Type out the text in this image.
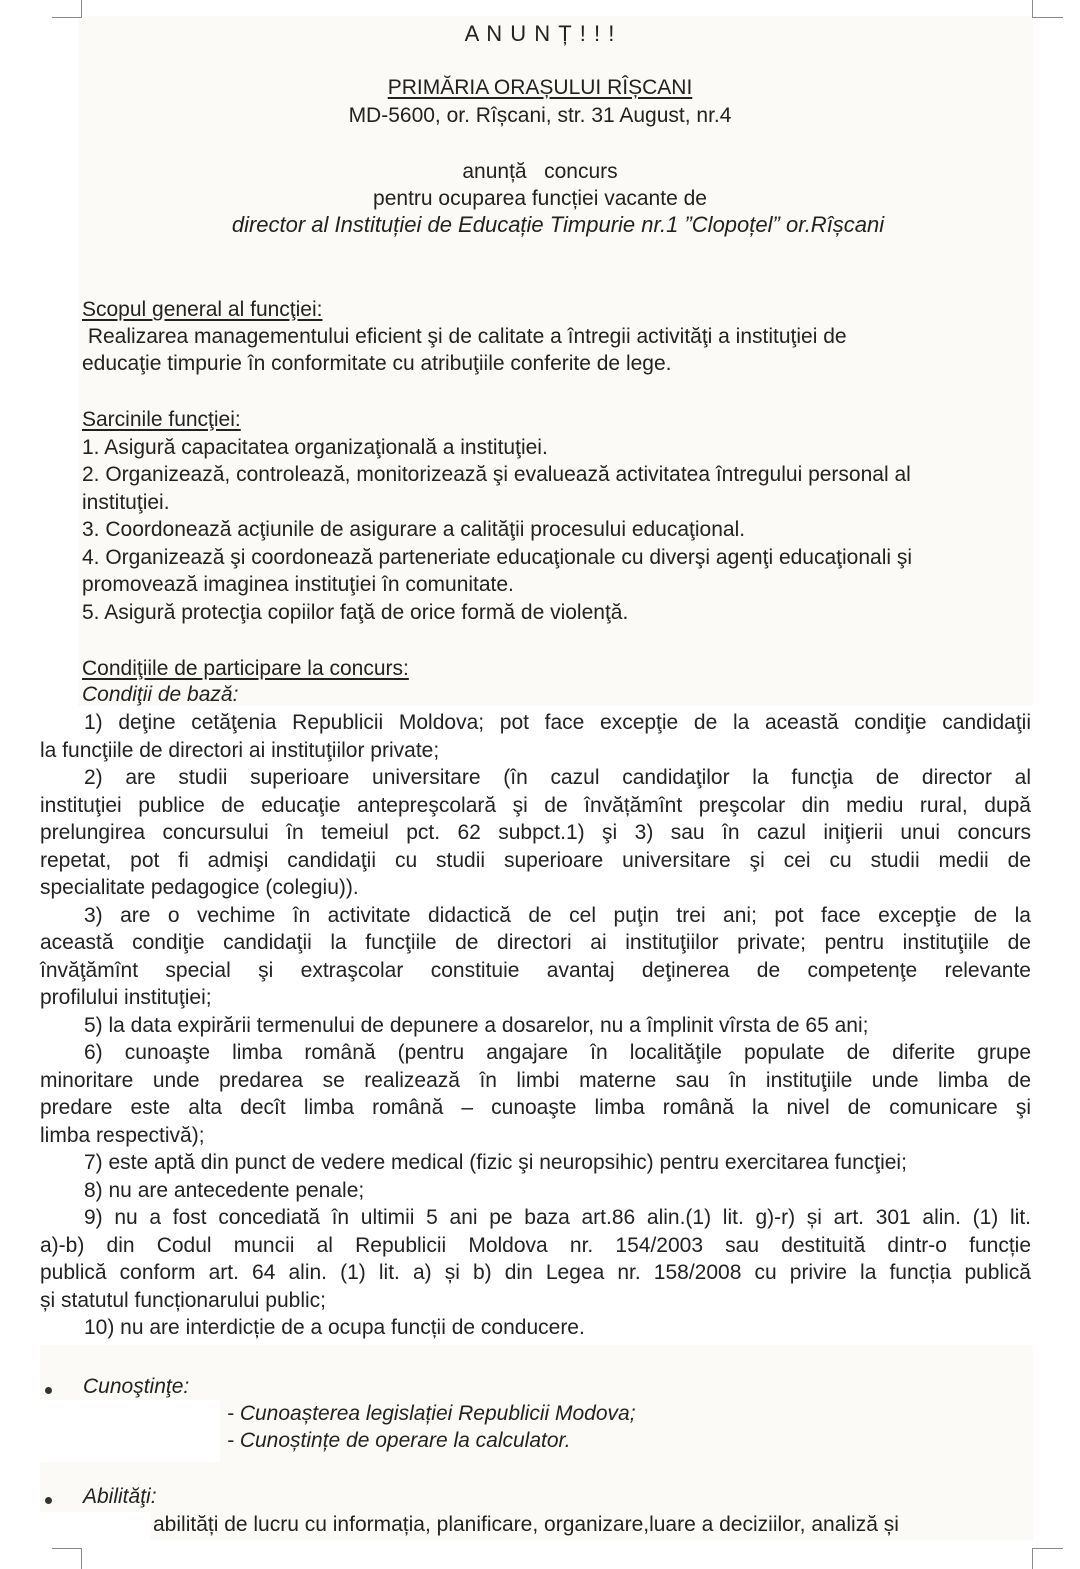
A N U N Ț ! ! !
PRIMĂRIA ORAȘULUI RÎȘCANI
MD-5600, or. Rîșcani, str. 31 August, nr.4
anunță   concurs
pentru ocuparea funcției vacante de
director al Instituției de Educație Timpurie nr.1 ”Clopoțel” or.Rîșcani
Scopul general al funcţiei:
Realizarea managementului eficient şi de calitate a întregii activităţi a instituţiei de
educaţie timpurie în conformitate cu atribuţiile conferite de lege.
Sarcinile funcţiei:
1. Asigură capacitatea organizaţională a instituţiei.
2. Organizează, controlează, monitorizează şi evaluează activitatea întregului personal al
instituţiei.
3. Coordonează acţiunile de asigurare a calităţii procesului educaţional.
4. Organizează şi coordonează parteneriate educaţionale cu diverşi agenţi educaţionali şi
promovează imaginea instituţiei în comunitate.
5. Asigură protecţia copiilor faţă de orice formă de violenţă.
Condiţiile de participare la concurs:
Condiţii de bază:
1) deţine cetăţenia Republicii Moldova; pot face excepţie de la această condiţie candidaţii
la funcţiile de directori ai instituţiilor private;
2) are studii superioare universitare (în cazul candidaţilor la funcţia de director al
instituţiei publice de educaţie antepreşcolară şi de învățămînt preşcolar din mediu rural, după
prelungirea concursului în temeiul pct. 62 subpct.1) şi 3) sau în cazul iniţierii unui concurs
repetat, pot fi admişi candidaţii cu studii superioare universitare şi cei cu studii medii de
specialitate pedagogice (colegiu)).
3) are o vechime în activitate didactică de cel puţin trei ani; pot face excepţie de la
această condiţie candidaţii la funcţiile de directori ai instituţiilor private; pentru instituţiile de
învăţămînt special şi extraşcolar constituie avantaj deţinerea de competenţe relevante
profilului instituţiei;
5) la data expirării termenului de depunere a dosarelor, nu a împlinit vîrsta de 65 ani;
6) cunoaşte limba română (pentru angajare în localităţile populate de diferite grupe
minoritare unde predarea se realizează în limbi materne sau în instituţiile unde limba de
predare este alta decît limba română – cunoaşte limba română la nivel de comunicare şi
limba respectivă);
7) este aptă din punct de vedere medical (fizic şi neuropsihic) pentru exercitarea funcţiei;
8) nu are antecedente penale;
9) nu a fost concediată în ultimii 5 ani pe baza art.86 alin.(1) lit. g)-r) și art. 301 alin. (1) lit.
a)-b) din Codul muncii al Republicii Moldova nr. 154/2003 sau destituită dintr-o funcție
publică conform art. 64 alin. (1) lit. a) și b) din Legea nr. 158/2008 cu privire la funcția publică
și statutul funcționarului public;
10) nu are interdicție de a ocupa funcții de conducere.
Cunoştinţe:
- Cunoașterea legislației Republicii Modova;
- Cunoștințe de operare la calculator.
Abilităţi:
abilități de lucru cu informația, planificare, organizare,luare a deciziilor, analiză și
